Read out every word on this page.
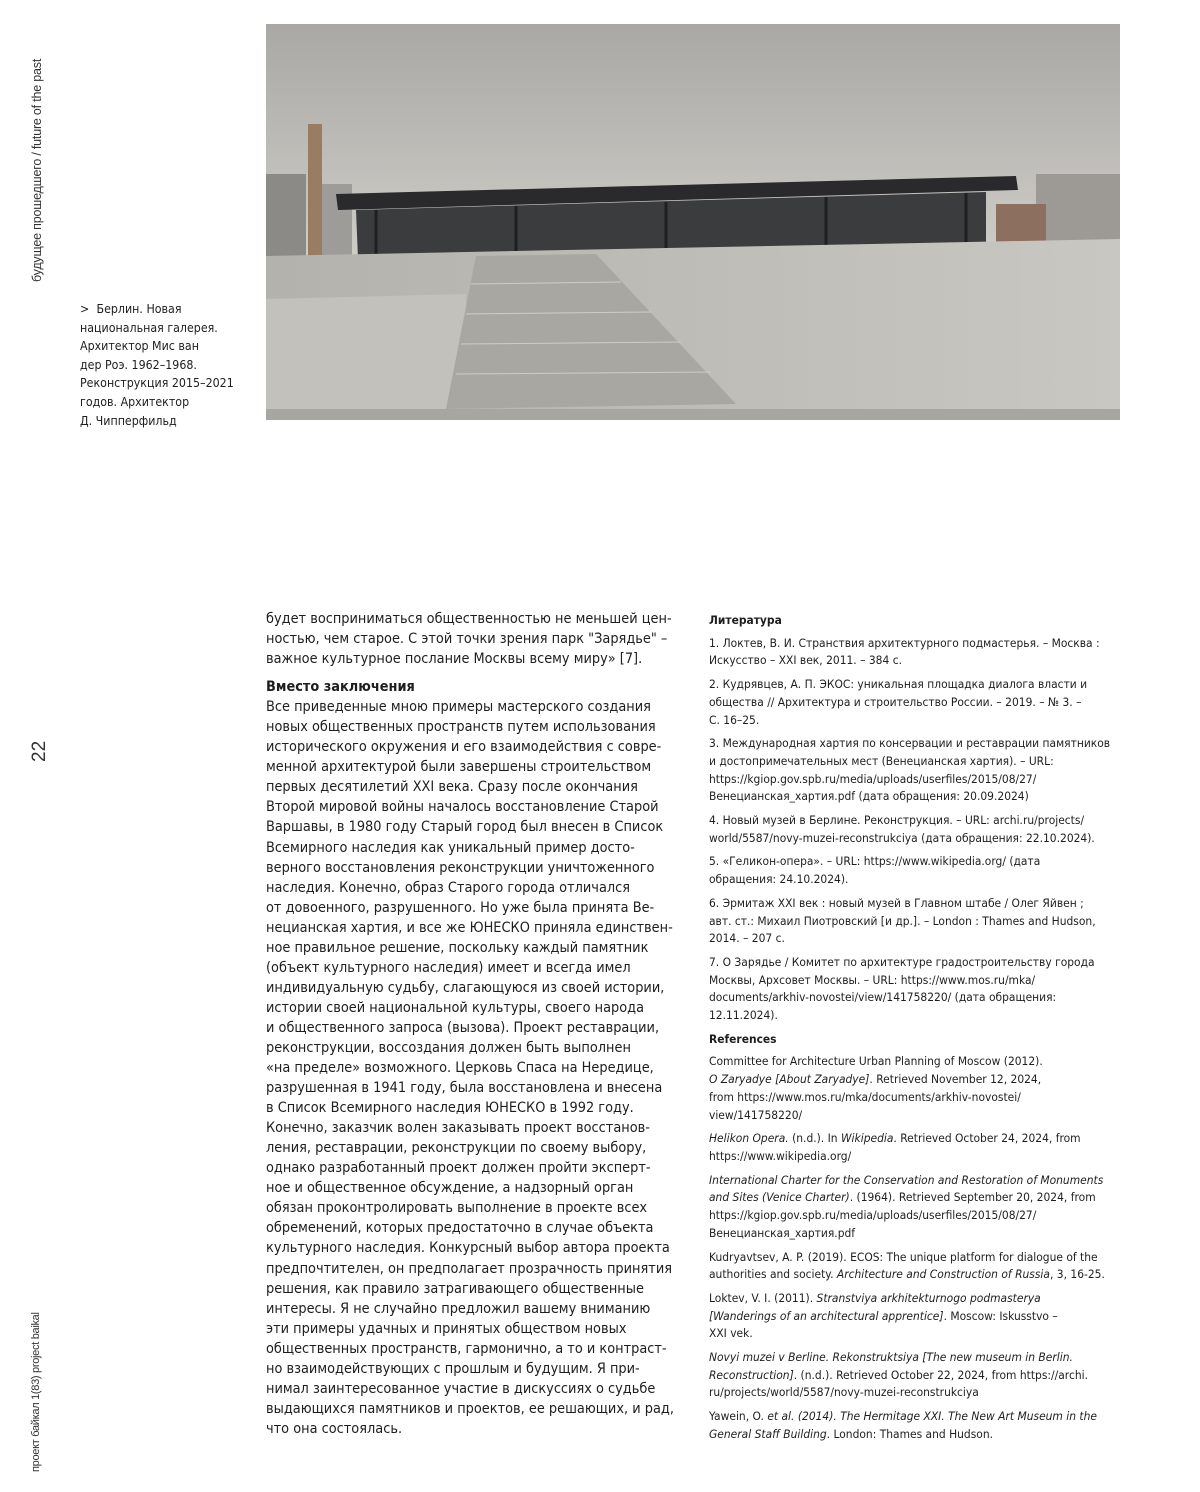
будущее прошедшего / future of the past
22
проект байкал 1(83) project baikal
> Берлин. Новая
национальная галерея.
Архитектор Мис ван
дер Роэ. 1962–1968.
Реконструкция 2015–2021
годов. Архитектор
Д. Чипперфильд
будет восприниматься общественностью не меньшей цен-
ностью, чем старое. С этой точки зрения парк "Зарядье" –
важное культурное послание Москвы всему миру» [7].
Вместо заключения
Все приведенные мною примеры мастерского создания
новых общественных пространств путем использования
исторического окружения и его взаимодействия с совре-
менной архитектурой были завершены строительством
первых десятилетий XXI века. Сразу после окончания
Второй мировой войны началось восстановление Старой
Варшавы, в 1980 году Старый город был внесен в Список
Всемирного наследия как уникальный пример досто-
верного восстановления реконструкции уничтоженного
наследия. Конечно, образ Старого города отличался
от довоенного, разрушенного. Но уже была принята Ве-
нецианская хартия, и все же ЮНЕСКО приняла единствен-
ное правильное решение, поскольку каждый памятник
(объект культурного наследия) имеет и всегда имел
индивидуальную судьбу, слагающуюся из своей истории,
истории своей национальной культуры, своего народа
и общественного запроса (вызова). Проект реставрации,
реконструкции, воссоздания должен быть выполнен
«на пределе» возможного. Церковь Спаса на Нередице,
разрушенная в 1941 году, была восстановлена и внесена
в Список Всемирного наследия ЮНЕСКО в 1992 году.
Конечно, заказчик волен заказывать проект восстанов-
ления, реставрации, реконструкции по своему выбору,
однако разработанный проект должен пройти эксперт-
ное и общественное обсуждение, а надзорный орган
обязан проконтролировать выполнение в проекте всех
обременений, которых предостаточно в случае объекта
культурного наследия. Конкурсный выбор автора проекта
предпочтителен, он предполагает прозрачность принятия
решения, как правило затрагивающего общественные
интересы. Я не случайно предложил вашему вниманию
эти примеры удачных и принятых обществом новых
общественных пространств, гармонично, а то и контраст-
но взаимодействующих с прошлым и будущим. Я при-
нимал заинтересованное участие в дискуссиях о судьбе
выдающихся памятников и проектов, ее решающих, и рад,
что она состоялась.
Литература
1. Локтев, В. И. Странствия архитектурного подмастерья. – Москва :
Искусство – XXI век, 2011. – 384 с.
2. Кудрявцев, А. П. ЭКОС: уникальная площадка диалога власти и
общества // Архитектура и строительство России. – 2019. – № 3. –
С. 16–25.
3. Международная хартия по консервации и реставрации памятников
и достопримечательных мест (Венецианская хартия). – URL:
https://kgiop.gov.spb.ru/media/uploads/userfiles/2015/08/27/
Венецианская_хартия.pdf (дата обращения: 20.09.2024)
4. Новый музей в Берлине. Реконструкция. – URL: archi.ru/projects/
world/5587/novy-muzei-reconstrukciya (дата обращения: 22.10.2024).
5. «Геликон-опера». – URL: https://www.wikipedia.org/ (дата
обращения: 24.10.2024).
6. Эрмитаж XXI век : новый музей в Главном штабе / Олег Яйвен ;
авт. ст.: Михаил Пиотровский [и др.]. – London : Thames and Hudson,
2014. – 207 с.
7. О Зарядье / Комитет по архитектуре градостроительству города
Москвы, Архсовет Москвы. – URL: https://www.mos.ru/mka/
documents/arkhiv-novostei/view/141758220/ (дата обращения:
12.11.2024).
References
Committee for Architecture Urban Planning of Moscow (2012).
O Zaryadye [About Zaryadye]. Retrieved November 12, 2024,
from https://www.mos.ru/mka/documents/arkhiv-novostei/
view/141758220/
Helikon Opera. (n.d.). In Wikipedia. Retrieved October 24, 2024, from
https://www.wikipedia.org/
International Charter for the Conservation and Restoration of Monuments
and Sites (Venice Charter). (1964). Retrieved September 20, 2024, from
https://kgiop.gov.spb.ru/media/uploads/userfiles/2015/08/27/
Венецианская_хартия.pdf
Kudryavtsev, A. P. (2019). ECOS: The unique platform for dialogue of the
authorities and society. Architecture and Construction of Russia, 3, 16-25.
Loktev, V. I. (2011). Stranstviya arkhitekturnogo podmasterya
[Wanderings of an architectural apprentice]. Moscow: Iskusstvo –
XXI vek.
Novyi muzei v Berline. Rekonstruktsiya [The new museum in Berlin.
Reconstruction]. (n.d.). Retrieved October 22, 2024, from https://archi.
ru/projects/world/5587/novy-muzei-reconstrukciya
Yawein, O. et al. (2014). The Hermitage XXI. The New Art Museum in the
General Staff Building. London: Thames and Hudson.
